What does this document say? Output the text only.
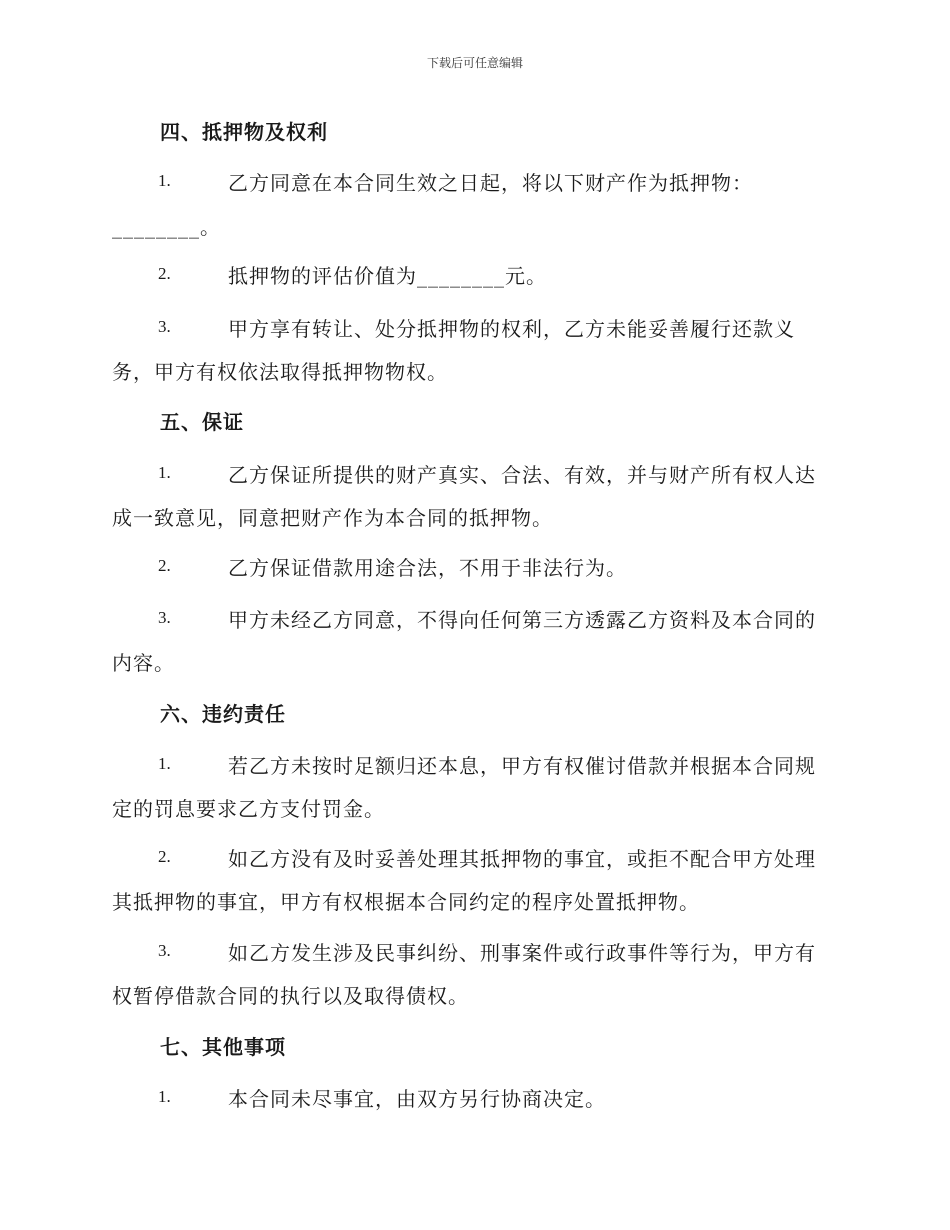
下载后可任意编辑
四、抵押物及权利
1.	乙方同意在本合同生效之日起，将以下财产作为抵押物：
________。
2.	抵押物的评估价值为________元。
3.	甲方享有转让、处分抵押物的权利，乙方未能妥善履行还款义
务，甲方有权依法取得抵押物物权。
五、保证
1.	乙方保证所提供的财产真实、合法、有效，并与财产所有权人达
成一致意见，同意把财产作为本合同的抵押物。
2.	乙方保证借款用途合法，不用于非法行为。
3.	甲方未经乙方同意，不得向任何第三方透露乙方资料及本合同的
内容。
六、违约责任
1.	若乙方未按时足额归还本息，甲方有权催讨借款并根据本合同规
定的罚息要求乙方支付罚金。
2.	如乙方没有及时妥善处理其抵押物的事宜，或拒不配合甲方处理
其抵押物的事宜，甲方有权根据本合同约定的程序处置抵押物。
3.	如乙方发生涉及民事纠纷、刑事案件或行政事件等行为，甲方有
权暂停借款合同的执行以及取得债权。
七、其他事项
1.	本合同未尽事宜，由双方另行协商决定。
